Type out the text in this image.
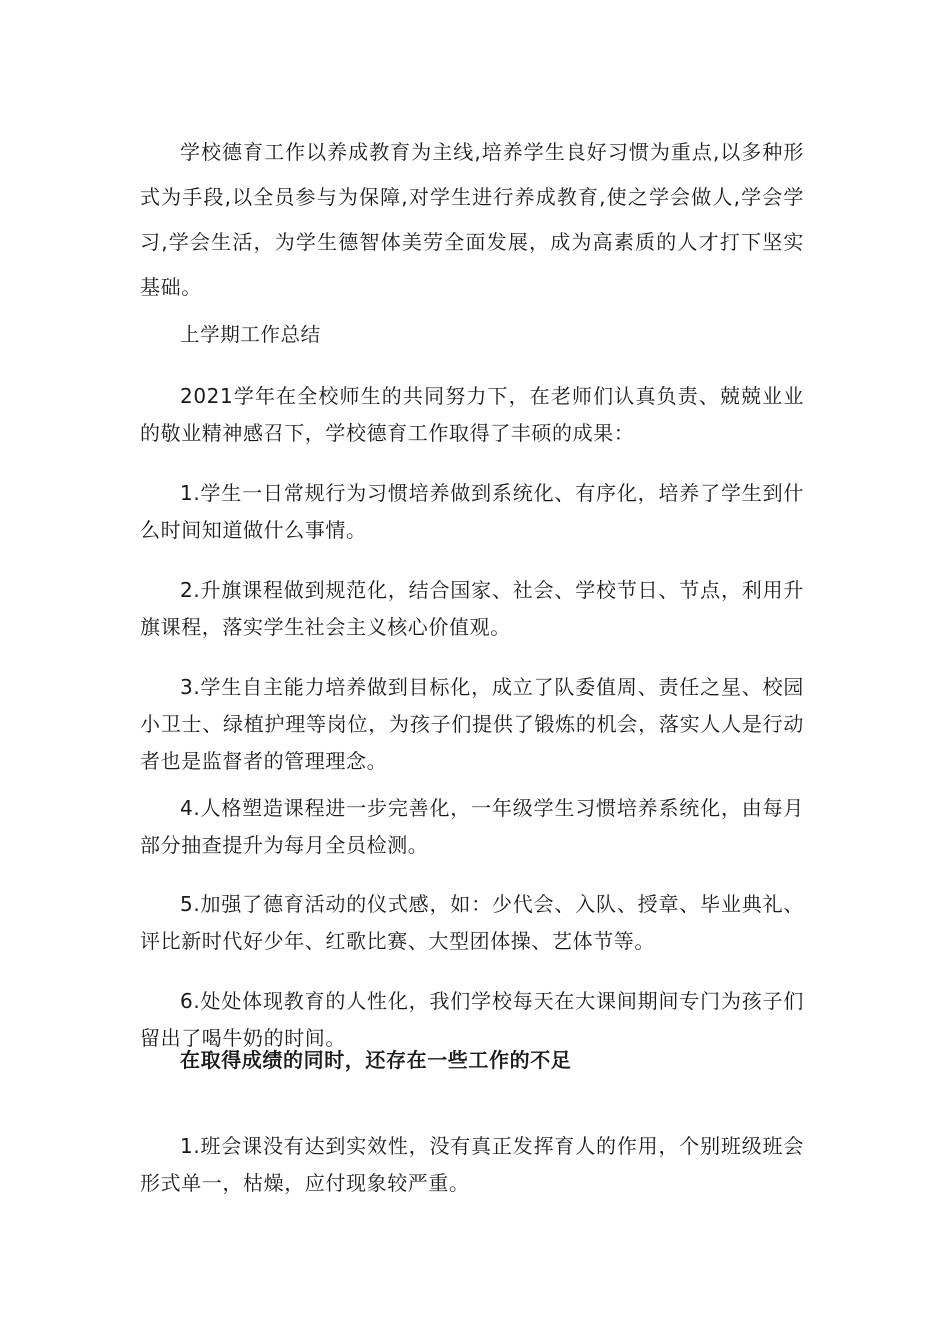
学校德育工作以养成教育为主线,培养学生良好习惯为重点,以多种形式为手段,以全员参与为保障,对学生进行养成教育,使之学会做人,学会学习,学会生活，为学生德智体美劳全面发展，成为高素质的人才打下坚实基础。

上学期工作总结

2021学年在全校师生的共同努力下，在老师们认真负责、兢兢业业的敬业精神感召下，学校德育工作取得了丰硕的成果：

1.学生一日常规行为习惯培养做到系统化、有序化，培养了学生到什么时间知道做什么事情。

2.升旗课程做到规范化，结合国家、社会、学校节日、节点，利用升旗课程，落实学生社会主义核心价值观。

3.学生自主能力培养做到目标化，成立了队委值周、责任之星、校园小卫士、绿植护理等岗位，为孩子们提供了锻炼的机会，落实人人是行动者也是监督者的管理理念。

4.人格塑造课程进一步完善化，一年级学生习惯培养系统化，由每月部分抽查提升为每月全员检测。

5.加强了德育活动的仪式感，如：少代会、入队、授章、毕业典礼、评比新时代好少年、红歌比赛、大型团体操、艺体节等。

6.处处体现教育的人性化，我们学校每天在大课间期间专门为孩子们留出了喝牛奶的时间。

在取得成绩的同时，还存在一些工作的不足

1.班会课没有达到实效性，没有真正发挥育人的作用，个别班级班会形式单一，枯燥，应付现象较严重。
